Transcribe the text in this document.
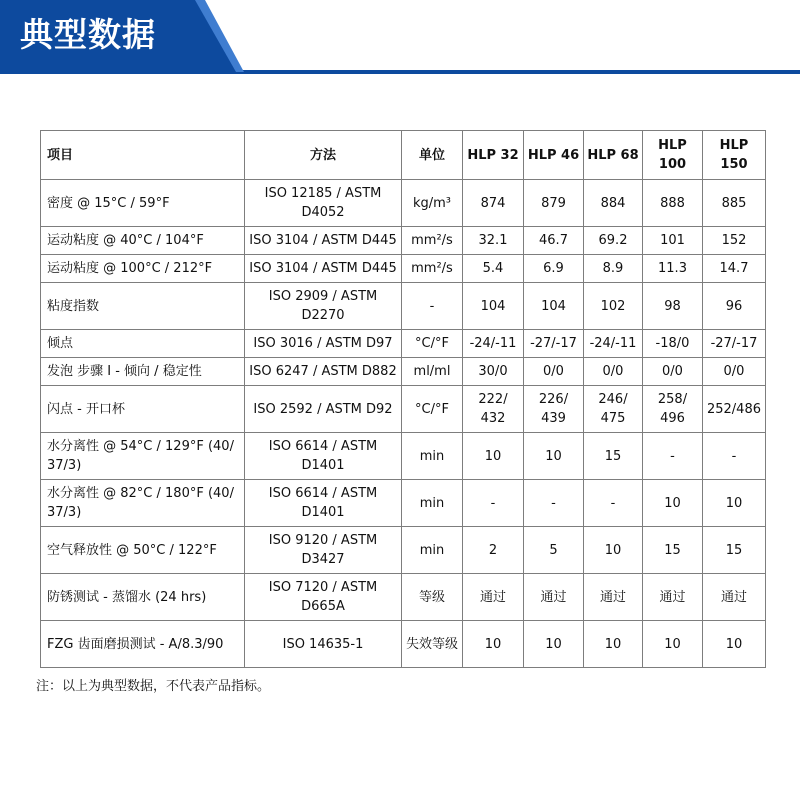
典型数据
项目	方法	单位	HLP 32	HLP 46	HLP 68	HLP 100	HLP 150
密度 @ 15°C / 59°F	ISO 12185 / ASTM D4052	kg/m³	874	879	884	888	885
运动粘度 @ 40°C / 104°F	ISO 3104 / ASTM D445	mm²/s	32.1	46.7	69.2	101	152
运动粘度 @ 100°C / 212°F	ISO 3104 / ASTM D445	mm²/s	5.4	6.9	8.9	11.3	14.7
粘度指数	ISO 2909 / ASTM D2270	-	104	104	102	98	96
倾点	ISO 3016 / ASTM D97	°C/°F	-24/-11	-27/-17	-24/-11	-18/0	-27/-17
发泡 步骤 I - 倾向 / 稳定性	ISO 6247 / ASTM D882	ml/ml	30/0	0/0	0/0	0/0	0/0
闪点 - 开口杯	ISO 2592 / ASTM D92	°C/°F	222/ 432	226/ 439	246/ 475	258/ 496	252/486
水分离性 @ 54°C / 129°F (40/ 37/3)	ISO 6614 / ASTM D1401	min	10	10	15	-	-
水分离性 @ 82°C / 180°F (40/ 37/3)	ISO 6614 / ASTM D1401	min	-	-	-	10	10
空气释放性 @ 50°C / 122°F	ISO 9120 / ASTM D3427	min	2	5	10	15	15
防锈测试 - 蒸馏水 (24 hrs)	ISO 7120 / ASTM D665A	等级	通过	通过	通过	通过	通过
FZG 齿面磨损测试 - A/8.3/90	ISO 14635-1	失效等级	10	10	10	10	10

注：以上为典型数据，不代表产品指标。
